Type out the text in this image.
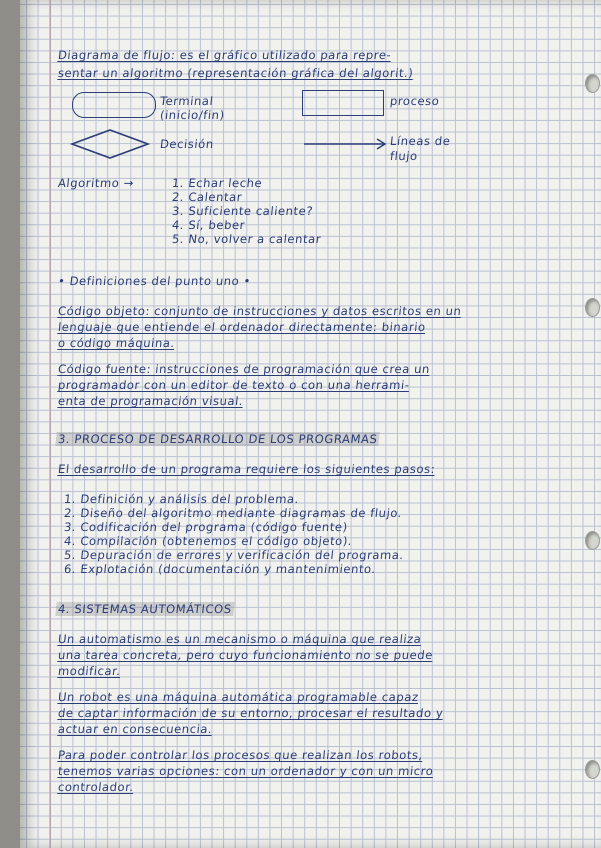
Diagrama de flujo: es el gráfico utilizado para repre-
sentar un algoritmo (representación gráfica del algorit.)
Terminal
(inicio/fin)
proceso
Decisión	Líneas de
flujo
Algoritmo →	1. Echar leche
2. Calentar
3. Suficiente caliente?
4. Sí, beber
5. No, volver a calentar
• Definiciones del punto uno •
Código objeto: conjunto de instrucciones y datos escritos en un
lenguaje que entiende el ordenador directamente: binario
o código máquina.
Código fuente: instrucciones de programación que crea un
programador con un editor de texto o con una herrami-
enta de programación visual.
3. PROCESO DE DESARROLLO DE LOS PROGRAMAS
El desarrollo de un programa requiere los siguientes pasos:
1. Definición y análisis del problema.
2. Diseño del algoritmo mediante diagramas de flujo.
3. Codificación del programa (código fuente)
4. Compilación (obtenemos el código objeto).
5. Depuración de errores y verificación del programa.
6. Explotación (documentación y mantenimiento.
4. SISTEMAS AUTOMÁTICOS
Un automatismo es un mecanismo o máquina que realiza
una tarea concreta, pero cuyo funcionamiento no se puede
modificar.
Un robot es una máquina automática programable capaz
de captar información de su entorno, procesar el resultado y
actuar en consecuencia.
Para poder controlar los procesos que realizan los robots,
tenemos varias opciones: con un ordenador y con un micro
controlador.
